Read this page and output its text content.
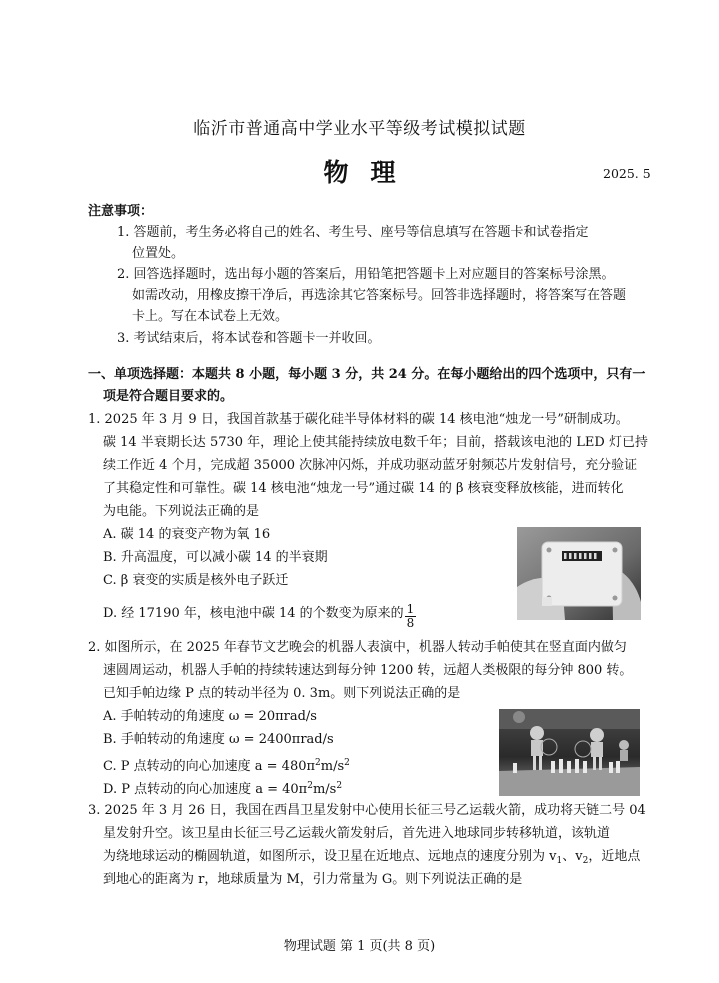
临沂市普通高中学业水平等级考试模拟试题
物理	2025. 5
注意事项：
1. 答题前，考生务必将自己的姓名、考生号、座号等信息填写在答题卡和试卷指定
位置处。
2. 回答选择题时，选出每小题的答案后，用铅笔把答题卡上对应题目的答案标号涂黑。
如需改动，用橡皮擦干净后，再选涂其它答案标号。回答非选择题时，将答案写在答题
卡上。写在本试卷上无效。
3. 考试结束后，将本试卷和答题卡一并收回。
一、单项选择题：本题共 8 小题，每小题 3 分，共 24 分。在每小题给出的四个选项中，只有一
项是符合题目要求的。
1. 2025 年 3 月 9 日，我国首款基于碳化硅半导体材料的碳 14 核电池“烛龙一号”研制成功。
碳 14 半衰期长达 5730 年，理论上使其能持续放电数千年；目前，搭载该电池的 LED 灯已持
续工作近 4 个月，完成超 35000 次脉冲闪烁，并成功驱动蓝牙射频芯片发射信号，充分验证
了其稳定性和可靠性。碳 14 核电池“烛龙一号”通过碳 14 的 β 核衰变释放核能，进而转化
为电能。下列说法正确的是
A. 碳 14 的衰变产物为氧 16
B. 升高温度，可以减小碳 14 的半衰期
C. β 衰变的实质是核外电子跃迁
D. 经 17190 年，核电池中碳 14 的个数变为原来的 $\frac{1}{8}$
2. 如图所示，在 2025 年春节文艺晚会的机器人表演中，机器人转动手帕使其在竖直面内做匀
速圆周运动，机器人手帕的持续转速达到每分钟 1200 转，远超人类极限的每分钟 800 转。
已知手帕边缘 P 点的转动半径为 0. 3m。则下列说法正确的是
A. 手帕转动的角速度 ω = 20πrad/s
B. 手帕转动的角速度 ω = 2400πrad/s
C. P 点转动的向心加速度 $a = 480\pi^2m/s^2$
D. P 点转动的向心加速度 $a = 40\pi^2m/s^2$
3. 2025 年 3 月 26 日，我国在西昌卫星发射中心使用长征三号乙运载火箭，成功将天链二号 04
星发射升空。该卫星由长征三号乙运载火箭发射后，首先进入地球同步转移轨道，该轨道
为绕地球运动的椭圆轨道，如图所示，设卫星在近地点、远地点的速度分别为 $v_1$、$v_2$，近地点
到地心的距离为 r，地球质量为 M，引力常量为 G。则下列说法正确的是
物理试题 第 1 页(共 8 页)
